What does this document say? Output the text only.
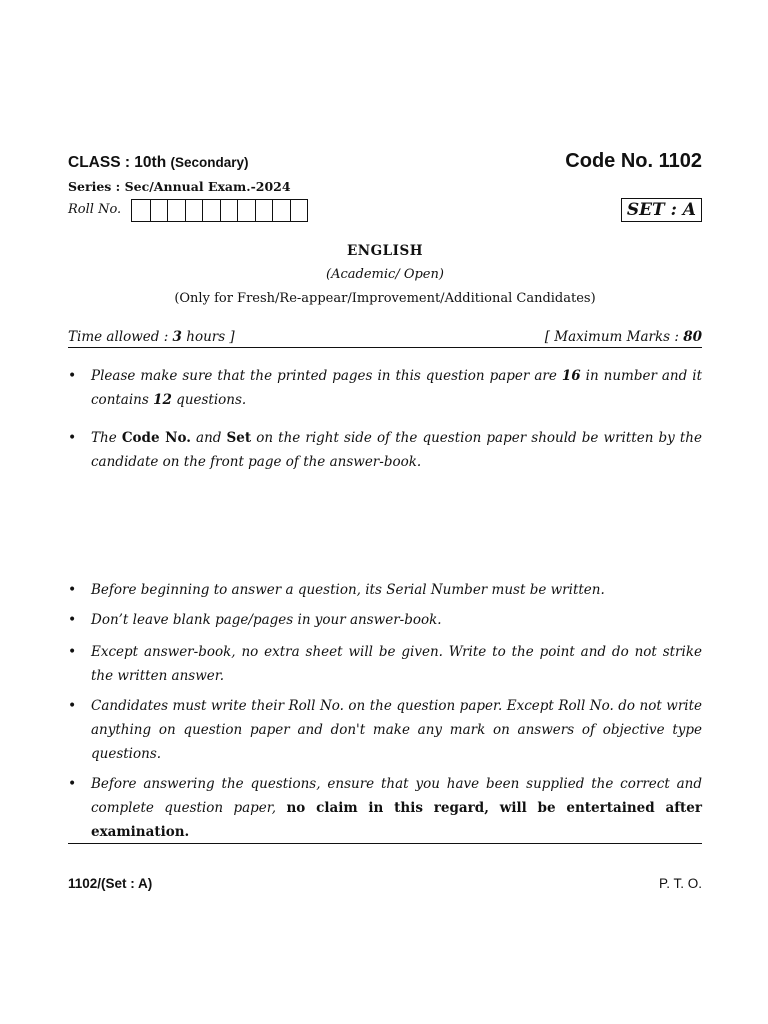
CLASS : 10th (Secondary)	Code No. 1102
Series : Sec/Annual Exam.-2024
Roll No.	SET : A
ENGLISH
(Academic/ Open)
(Only for Fresh/Re-appear/Improvement/Additional Candidates)
Time allowed : 3 hours ]	[ Maximum Marks : 80
• Please make sure that the printed pages in this question paper are 16 in number and it contains 12 questions.
• The Code No. and Set on the right side of the question paper should be written by the candidate on the front page of the answer-book.
• Before beginning to answer a question, its Serial Number must be written.
• Don’t leave blank page/pages in your answer-book.
• Except answer-book, no extra sheet will be given. Write to the point and do not strike the written answer.
• Candidates must write their Roll No. on the question paper. Except Roll No. do not write anything on question paper and don't make any mark on answers of objective type questions.
• Before answering the questions, ensure that you have been supplied the correct and complete question paper, no claim in this regard, will be entertained after examination.
1102/(Set : A)	P. T. O.
